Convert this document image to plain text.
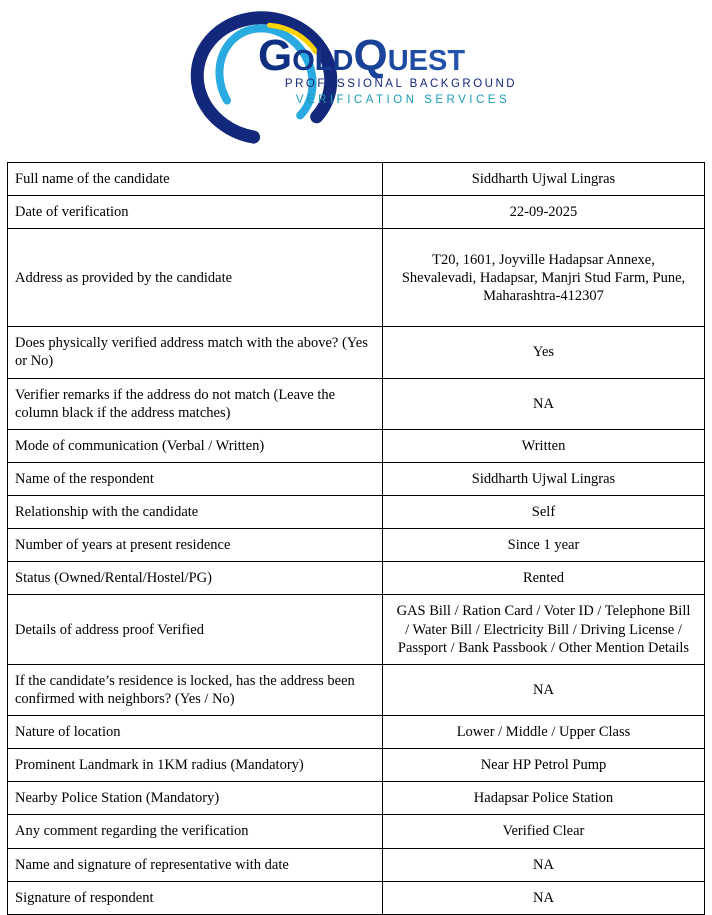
GOLDQUEST
PROFESSIONAL BACKGROUND
VERIFICATION SERVICES
Full name of the candidate	Siddharth Ujwal Lingras
Date of verification	22-09-2025
Address as provided by the candidate	T20, 1601, Joyville Hadapsar Annexe, Shevalevadi, Hadapsar, Manjri Stud Farm, Pune, Maharashtra-412307
Does physically verified address match with the above? (Yes or No)	Yes
Verifier remarks if the address do not match (Leave the column black if the address matches)	NA
Mode of communication (Verbal / Written)	Written
Name of the respondent	Siddharth Ujwal Lingras
Relationship with the candidate	Self
Number of years at present residence	Since 1 year
Status (Owned/Rental/Hostel/PG)	Rented
Details of address proof Verified	GAS Bill / Ration Card / Voter ID / Telephone Bill / Water Bill / Electricity Bill / Driving License / Passport / Bank Passbook / Other Mention Details
If the candidate’s residence is locked, has the address been confirmed with neighbors? (Yes / No)	NA
Nature of location	Lower / Middle / Upper Class
Prominent Landmark in 1KM radius (Mandatory)	Near HP Petrol Pump
Nearby Police Station (Mandatory)	Hadapsar Police Station
Any comment regarding the verification	Verified Clear
Name and signature of representative with date	NA
Signature of respondent	NA
